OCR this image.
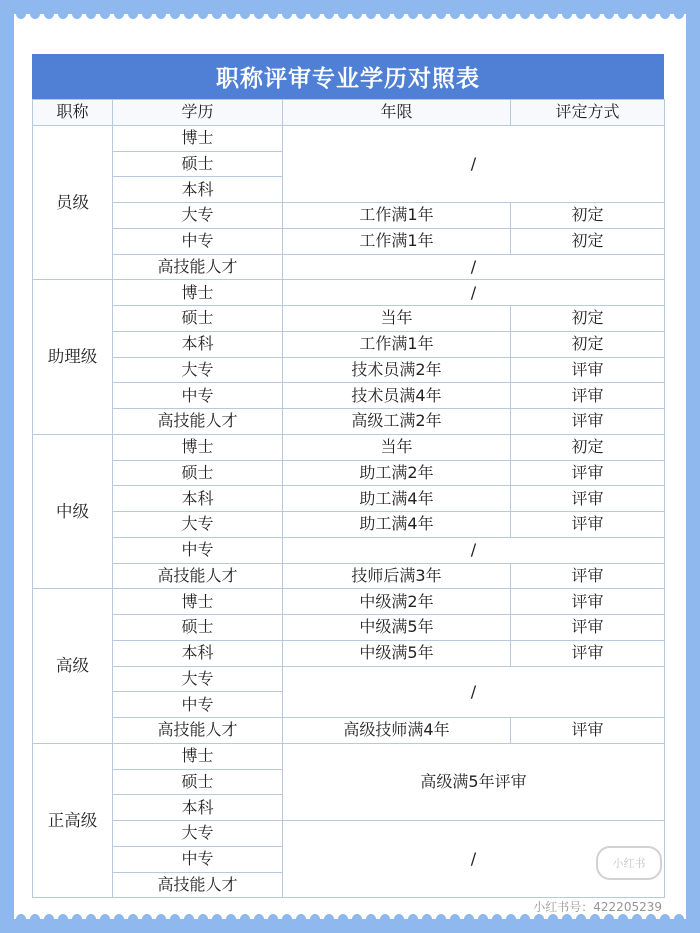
职称评审专业学历对照表
职称	学历	年限	评定方式
员级	博士	/	
	硕士		
	本科		
	大专	工作满1年	初定
	中专	工作满1年	初定
	高技能人才	/	
助理级	博士	/	
	硕士	当年	初定
	本科	工作满1年	初定
	大专	技术员满2年	评审
	中专	技术员满4年	评审
	高技能人才	高级工满2年	评审
中级	博士	当年	初定
	硕士	助工满2年	评审
	本科	助工满4年	评审
	大专	助工满4年	评审
	中专	/	
	高技能人才	技师后满3年	评审
高级	博士	中级满2年	评审
	硕士	中级满5年	评审
	本科	中级满5年	评审
	大专	/	
	中专		
	高技能人才	高级技师满4年	评审
正高级	博士	高级满5年评审	
	硕士		
	本科		
	大专	/	
	中专		
	高技能人才		
小红书
小红书号：422205239
